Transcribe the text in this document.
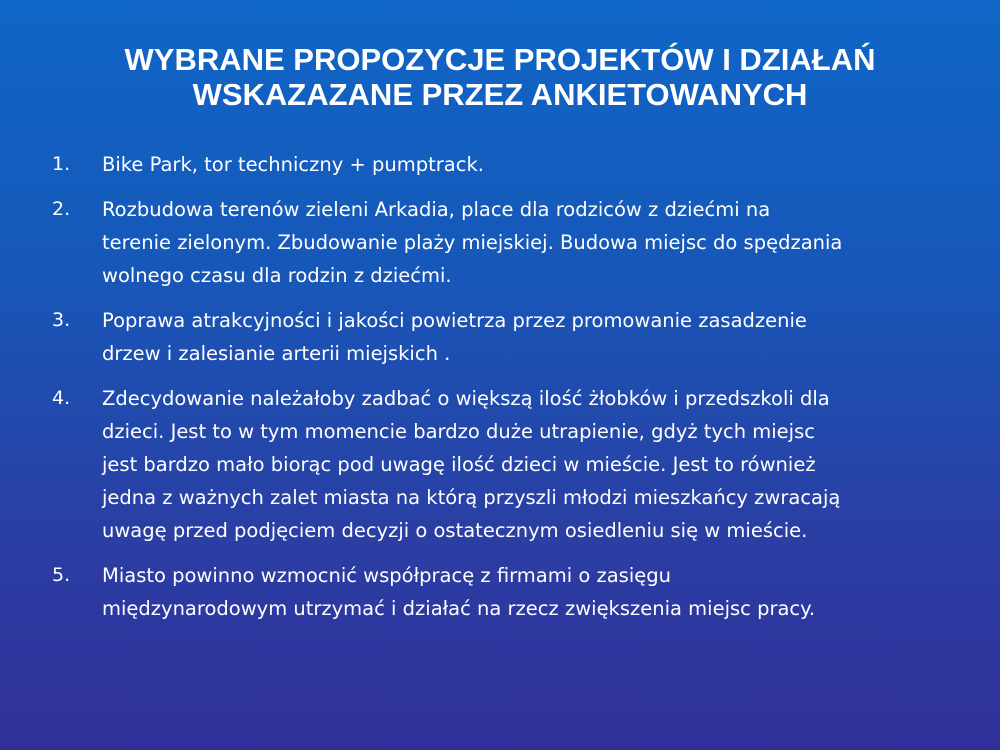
WYBRANE PROPOZYCJE PROJEKTÓW I DZIAŁAŃ
WSKAZAZANE PRZEZ ANKIETOWANYCH
1. Bike Park, tor techniczny + pumptrack.
2. Rozbudowa terenów zieleni Arkadia, place dla rodziców z dziećmi na
terenie zielonym. Zbudowanie plaży miejskiej. Budowa miejsc do spędzania
wolnego czasu dla rodzin z dziećmi.
3. Poprawa atrakcyjności i jakości powietrza przez promowanie zasadzenie
drzew i zalesianie arterii miejskich .
4. Zdecydowanie należałoby zadbać o większą ilość żłobków i przedszkoli dla
dzieci. Jest to w tym momencie bardzo duże utrapienie, gdyż tych miejsc
jest bardzo mało biorąc pod uwagę ilość dzieci w mieście. Jest to również
jedna z ważnych zalet miasta na którą przyszli młodzi mieszkańcy zwracają
uwagę przed podjęciem decyzji o ostatecznym osiedleniu się w mieście.
5. Miasto powinno wzmocnić współpracę z firmami o zasięgu
międzynarodowym utrzymać i działać na rzecz zwiększenia miejsc pracy.
